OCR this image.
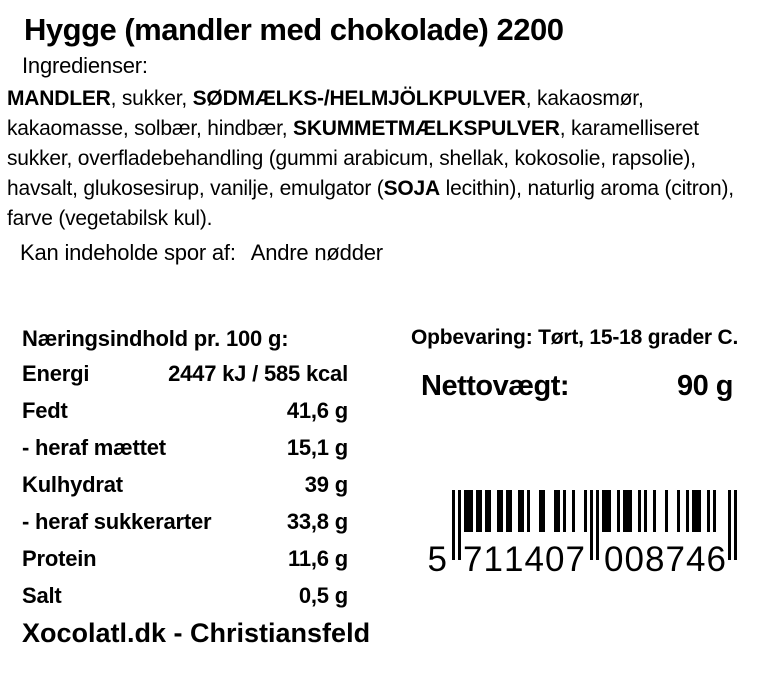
Hygge (mandler med chokolade) 2200
Ingredienser:
MANDLER, sukker, SØDMÆLKS-/HELMJÖLKPULVER, kakaosmør, kakaomasse, solbær, hindbær, SKUMMETMÆLKSPULVER, karamelliseret sukker, overfladebehandling (gummi arabicum, shellak, kokosolie, rapsolie), havsalt, glukosesirup, vanilje, emulgator (SOJA lecithin), naturlig aroma (citron), farve (vegetabilsk kul).
Kan indeholde spor af: Andre nødder
Næringsindhold pr. 100 g:
Energi	2447 kJ / 585 kcal
Fedt	41,6 g
- heraf mættet	15,1 g
Kulhydrat	39 g
- heraf sukkerarter	33,8 g
Protein	11,6 g
Salt	0,5 g
Opbevaring: Tørt, 15-18 grader C.
Nettovægt:	90 g
5 7 1 1 4 0 7 0 0 8 7 4 6
Xocolatl.dk - Christiansfeld
